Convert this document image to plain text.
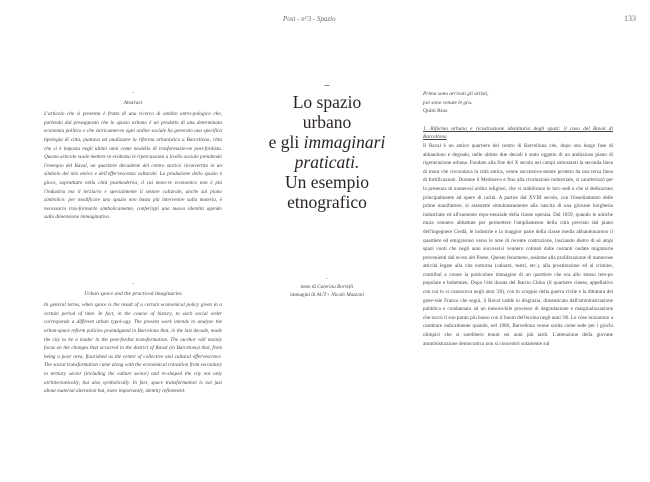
Post - n°3 - Spazio	133
-
Abstract

L'articolo che si presenta è frutto di una ricerca di ambito antro-pologico che, partendo dal presupposto che lo spazio urbano è un prodotto di una determinata economia politica e che storicamen-te ogni ordine sociale ha generato una specifica tipologia di città, puntava ad analizzare la riforma urbanistica a Barcellona, città che si è imposta negli ultimi anni come modello di trasformazio-ne post-fordista. Questo articolo vuole mettere in evidenza le ripercussioni a livello sociale prendendo l'esempio del Raval, un quartiere decadente del centro storico riconvertito in un simbolo del mix etnico e dell'effervescenza culturale. La produzione dello spazio è gioco, soprattutto nella città postmoderna, il cui moto-re economico non è più l'industria ma il terziario e specialmente il settore culturale, anche sul piano simbolico: per modificare uno spazio non basta più intervenire sulla materia, è necessario tras-formarlo simbolicamente, conferirgli una nuova identità agendo sulla dimensione immaginativa.

-
Urban space and the practiced imaginaries

In general terms, when space is the result of a certain economical policy given in a certain period of time. In fact, in the course of history, to each social order corresponds a different urban typol-ogy. The present work intends to analyze the urban-space reform policies promulgated in Barcelona that, in the last decade, made the city to be a leader in the post-fordist transformation. The au-thor will mainly focus on the changes that occurred in the district of Raval (in Barcelona) that, from being a poor area, flourished as the center of collective and cultural effervescence. The social transformation came along with the economical transition from secondary to tertiary sector (including the culture sector) and re-shaped the city not only architectonically, but also symbolically. In fact, space transformation is not just about material alteration but, more importantly, identity refinement.

–
Lo spazio
urbano
e gli immaginari
praticati.
Un esempio
etnografico
-
testo di Caterina Borrelli
immagini di AUT+ Nicolò Mazzoni
Prima sono arrivati gli artisti,
poi sono venute le gru.
Quim Rius
1. Riforma urbana e ricostruzione identitaria degli spazi: il caso del Raval di Barcellona

Il Raval è un antico quartiere del centro di Barcellona che, dopo una lungo fase di abbandono e degrado, nelle ultime due decadi è stato oggetto di un ambizioso piano di rigenerazione urbana. Fondato alla fine del X secolo nei campi sottostanti la seconda linea di mura che circondava la città antica, venne successiva-mente protetto da una terza linea di fortificazioni. Durante il Medioevo e fino alla rivoluzione industriale, si caratterizzò per la presenza di numerosi ordini religiosi, che vi stabilirono le loro sedi e che si dedicarono principalmente ad opere di carità. A partire dal XVIII secolo, con l'insediamento delle prime manifatture, si assistette simultaneamente alla nascita di una giovane borghesia industriale ed all'aumento espo-nenziale della classe operaia. Dal 1859, quando le antiche mura vennero abbattute per permettere l'ampliamento della città previsto dal piano dell'ingegnere Cerdà, le industrie e la maggior parte della classe media abbandonarono il quartiere ed emigrarono verso le aree di recente costruzione, lasciando dietro di sé ampi spazi vuoti che negli anni successivi vennero colmati dalle costanti ondate migratorie provenienti dal re-sto del Paese. Questo fenomeno, assieme alla proliferazione di numerose attività legate alla vita notturna (cabaret, teatri, etc.), alla prostituzione ed al crimine, contribuì a creare la particolare immagine di un quartiere che era allo stesso tem-po popolare e bohemien. Dopo l'età dorata del Barrio Chino (il quartiere cinese, appellativo con cui lo si conosceva negli anni '20), con lo scoppio della guerra civile e la dittatura del gene-rale Franco che seguì, il Raval cadde in disgrazia, dimenticato dall'amministrazione pubblica e condannato ad un inesora-bile processo di degradazione e marginalizzazione che toccò il suo punto più basso con il boom dell'eroina negli anni '80. Le cose iniziarono a cambiare radicalmente quando, nel 1986, Barcellona venne scelta come sede per i giochi olimpici che si sarebbero tenuti sei anni più tardi. L'attenzione della giovane amministrazione democratica non si concentrò solamente sul
